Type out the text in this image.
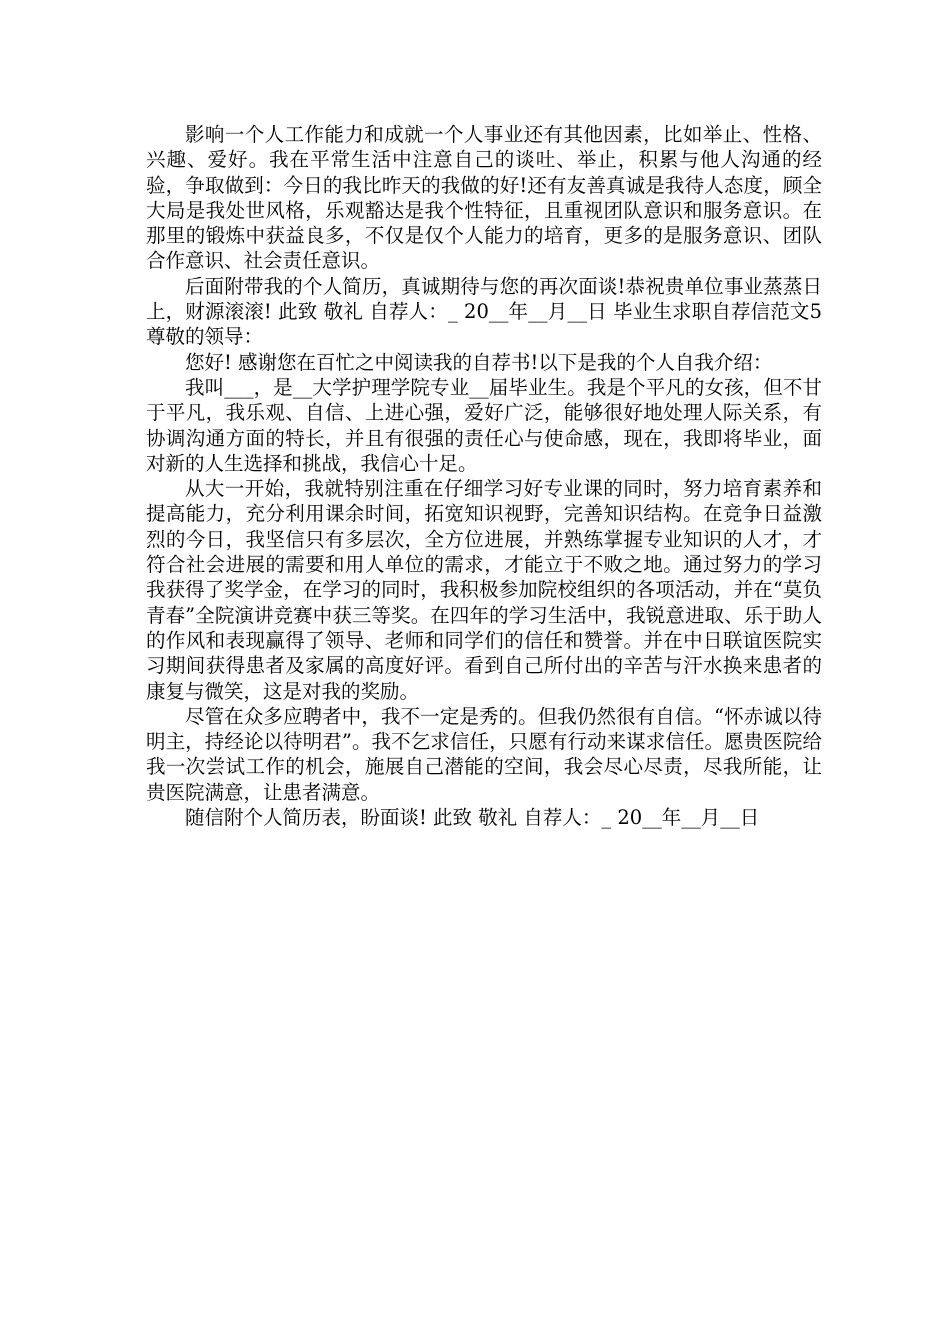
影响一个人工作能力和成就一个人事业还有其他因素，比如举止、性格、兴趣、爱好。我在平常生活中注意自己的谈吐、举止，积累与他人沟通的经验，争取做到：今日的我比昨天的我做的好!还有友善真诚是我待人态度，顾全大局是我处世风格，乐观豁达是我个性特征，且重视团队意识和服务意识。在那里的锻炼中获益良多，不仅是仅个人能力的培育，更多的是服务意识、团队合作意识、社会责任意识。

后面附带我的个人简历，真诚期待与您的再次面谈!恭祝贵单位事业蒸蒸日上，财源滚滚! 此致 敬礼 自荐人：_ 20__年__月__日 毕业生求职自荐信范文5 尊敬的领导：

您好! 感谢您在百忙之中阅读我的自荐书!以下是我的个人自我介绍：

我叫___，是__大学护理学院专业__届毕业生。我是个平凡的女孩，但不甘于平凡，我乐观、自信、上进心强，爱好广泛，能够很好地处理人际关系，有协调沟通方面的特长，并且有很强的责任心与使命感，现在，我即将毕业，面对新的人生选择和挑战，我信心十足。

从大一开始，我就特别注重在仔细学习好专业课的同时，努力培育素养和提高能力，充分利用课余时间，拓宽知识视野，完善知识结构。在竞争日益激烈的今日，我坚信只有多层次，全方位进展，并熟练掌握专业知识的人才，才符合社会进展的需要和用人单位的需求，才能立于不败之地。通过努力的学习我获得了奖学金，在学习的同时，我积极参加院校组织的各项活动，并在“莫负青春”全院演讲竞赛中获三等奖。在四年的学习生活中，我锐意进取、乐于助人的作风和表现赢得了领导、老师和同学们的信任和赞誉。并在中日联谊医院实习期间获得患者及家属的高度好评。看到自己所付出的辛苦与汗水换来患者的康复与微笑，这是对我的奖励。

尽管在众多应聘者中，我不一定是秀的。但我仍然很有自信。“怀赤诚以待明主，持经论以待明君”。我不乞求信任，只愿有行动来谋求信任。愿贵医院给我一次尝试工作的机会，施展自己潜能的空间，我会尽心尽责，尽我所能，让贵医院满意，让患者满意。

随信附个人简历表，盼面谈! 此致 敬礼 自荐人：_ 20__年__月__日
